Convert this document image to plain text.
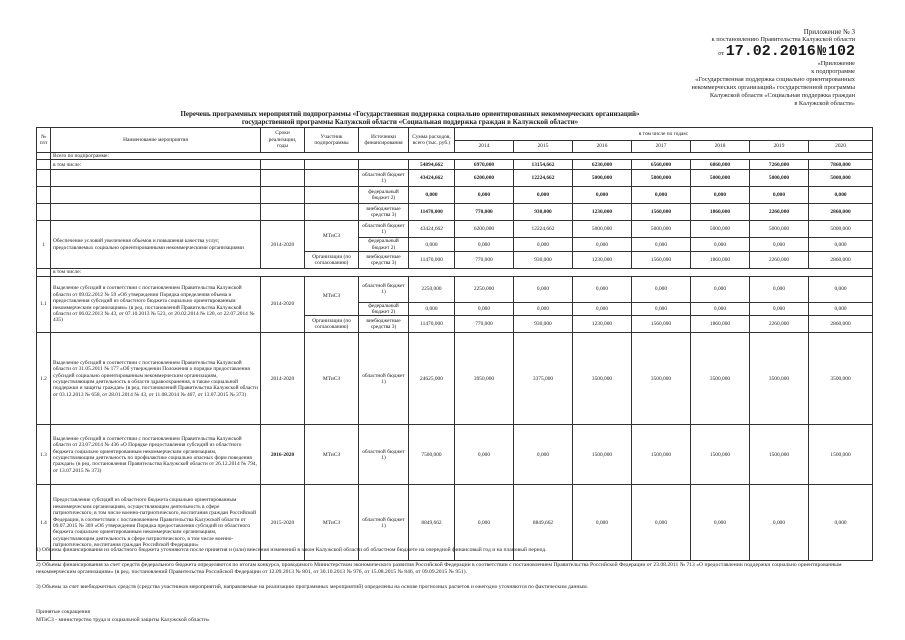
Приложение № 3
к постановлению Правительства Калужской области
от 17.02.2016 № 102
«Приложение
к подпрограмме
«Государственная поддержка социально ориентированных
некоммерческих организаций» государственной программы
Калужской области «Социальная поддержка граждан
в Калужской области»
Перечень программных мероприятий подпрограммы «Государственная поддержка социально ориентированных некоммерческих организаций»
государственной программы Калужской области «Социальная поддержка граждан в Калужской области»
№ п/п	Наименование мероприятия	Сроки реализации, годы	Участник подпрограммы	Источники финансирования	Сумма расходов, всего (тыс. руб.)	в том числе по годам:						
						2014	2015	2016	2017	2018	2019	2020
	Всего по подпрограмме:											
	в том числе:				54894,662	6970,000	13154,662	6230,000	6560,000	6860,000	7260,000	7860,000
				областной бюджет 1)	43424,662	6200,000	12224,662	5000,000	5000,000	5000,000	5000,000	5000,000
				федеральный бюджет 2)	0,000	0,000	0,000	0,000	0,000	0,000	0,000	0,000
				внебюджетные средства 3)	11470,000	770,000	930,000	1230,000	1560,000	1860,000	2260,000	2860,000
1	Обеспечение условий увеличения объемов и повышения качества услуг, предоставляемых социально ориентированными некоммерческими организациями	2014-2020	МТиСЗ	областной бюджет 1)	43424,662	6200,000	12224,662	5000,000	5000,000	5000,000	5000,000	5000,000
				федеральный бюджет 2)	0,000	0,000	0,000	0,000	0,000	0,000	0,000	0,000
			Организации (по согласованию)	внебюджетные средства 3)	11470,000	770,000	930,000	1230,000	1560,000	1860,000	2260,000	2860,000
	в том числе:											
1.1	Выделение субсидий в соответствии с постановлением Правительства Калужской области от 09.02.2012 № 59 «Об утверждении Порядка определения объема и предоставления субсидий из областного бюджета социально ориентированным некоммерческим организациям» (в ред. постановлений Правительства Калужской области от 06.02.2013 № 43, от 07.10.2013 № 523, от 20.02.2014 № 120, от 22.07.2014 № 435)	2014-2020	МТиСЗ	областной бюджет 1)	2250,000	2250,000	0,000	0,000	0,000	0,000	0,000	0,000
				федеральный бюджет 2)	0,000	0,000	0,000	0,000	0,000	0,000	0,000	0,000
			Организации (по согласованию)	внебюджетные средства 3)	11470,000	770,000	930,000	1230,000	1560,000	1860,000	2260,000	2860,000
1.2	Выделение субсидий в соответствии с постановлением Правительства Калужской области от 31.05.2011 № 177 «Об утверждении Положения о порядке предоставления субсидий социально ориентированным некоммерческим организациям, осуществляющим деятельность в области здравоохранения, в также социальной поддержки и защиты граждан» (в ред. постановлений Правительства Калужской области от 03.12.2013 № 658, от 28.01.2014 № 43, от 11.08.2014 № 467, от 13.07.2015 № 373)	2014-2020	МТиСЗ	областной бюджет 1)	24625,000	3950,000	3375,000	3500,000	3500,000	3500,000	3500,000	3500,000
1.3	Выделение субсидий в соответствии с постановлением Правительства Калужской области от 23.07.2014 № 436 «О Порядке предоставления субсидий из областного бюджета социально ориентированным некоммерческим организациям, осуществляющим деятельность по профилактике социально опасных форм поведения граждан» (в ред. постановления Правительства Калужской области от 26.12.2014 № 794, от 13.07.2015 № 373)	2016-2020	МТиСЗ	областной бюджет 1)	7500,000	0,000	0,000	1500,000	1500,000	1500,000	1500,000	1500,000
1.4	Предоставление субсидий из областного бюджета социально ориентированным некоммерческим организациям, осуществляющим деятельность в сфере патриотического, в том числе военно-патриотического, воспитания граждан Российской Федерации, в соответствии с постановлением Правительства Калужской области от 09.07.2015 № 369 «Об утверждении Порядка предоставления субсидий из областного бюджета социально ориентированным некоммерческим организациям, осуществляющим деятельность в сфере патриотического, в том числе военно-патриотического, воспитания граждан Российской Федерации»	2015-2020	МТиСЗ	областной бюджет 1)	8849,662	0,000	8849,662	0,000	0,000	0,000	0,000	0,000
1) Объемы финансирования из областного бюджета уточняются после принятия и (или) внесения изменений в закон Калужской области об областном бюджете на очередной финансовый год и на плановый период.
2) Объемы финансирования за счет средств федерального бюджета определяются по итогам конкурса, проводимого Министерством экономического развития Российской Федерации в соответствии с постановлением Правительства Российской Федерации от 23.08.2011 № 713 «О предоставлении поддержки социально ориентированным некоммерческим организациям» (в ред. постановлений Правительства Российской Федерации от 12.09.2013 № 801, от 30.10.2013 № 976, от 15.08.2015 № 846, от 09.09.2015 № 951).
3) Объемы за счет внебюджетных средств (средства участников мероприятий, направляемые на реализацию программных мероприятий) определены на основе прогнозных расчетов и ежегодно уточняются по фактическим данным.
Принятые сокращения
МТиСЗ - министерство труда и социальной защиты Калужской области»
